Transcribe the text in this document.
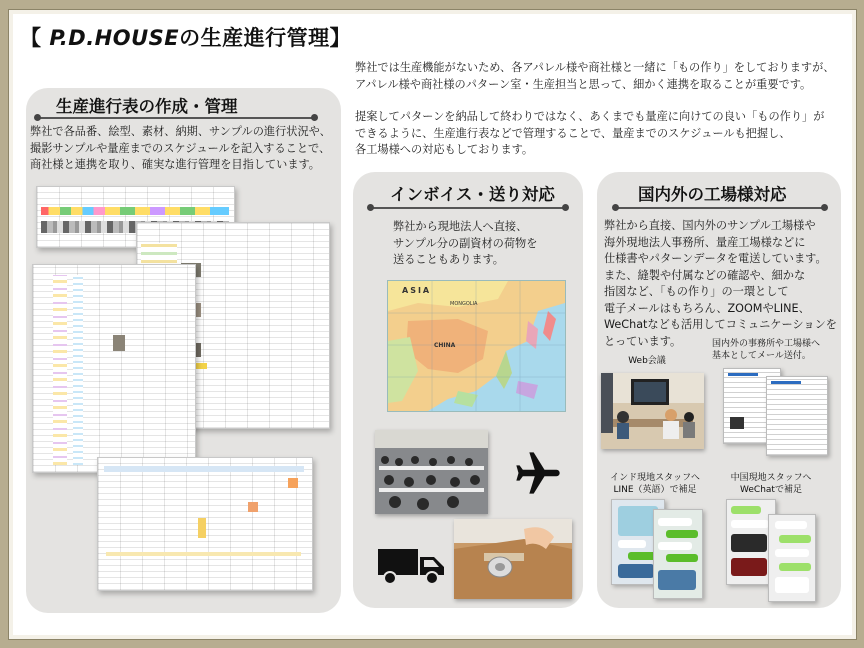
【 P.D.HOUSEの生産進行管理】

弊社では生産機能がないため、各アパレル様や商社様と一緒に「もの作り」をしておりますが、
アパレル様や商社様のパターン室・生産担当と思って、細かく連携を取ることが重要です。

提案してパターンを納品して終わりではなく、あくまでも量産に向けての良い「もの作り」が
できるように、生産進行表などで管理することで、量産までのスケジュールも把握し、
各工場様への対応もしております。

生産進行表の作成・管理
弊社で各品番、絵型、素材、納期、サンプルの進行状況や、
撮影サンプルや量産までのスケジュールを記入することで、
商社様と連携を取り、確実な進行管理を目指しています。
インボイス・送り対応
弊社から現地法人へ直接、
サンプル分の副資材の荷物を
送ることもあります。
ASIA
MONGOLIA
CHINA
国内外の工場様対応
弊社から直接、国内外のサンプル工場様や
海外現地法人事務所、量産工場様などに
仕様書やパターンデータを電送しています。
また、縫製や付属などの確認や、細かな
指図など、「もの作り」の一環として
電子メールはもちろん、ZOOMやLINE、
WeChatなども活用してコミュニケーションを
とっています。
Web会議
国内外の事務所や工場様へ
基本としてメール送付。
インド現地スタッフへ
LINE（英語）で補足
中国現地スタッフへ
WeChatで補足
